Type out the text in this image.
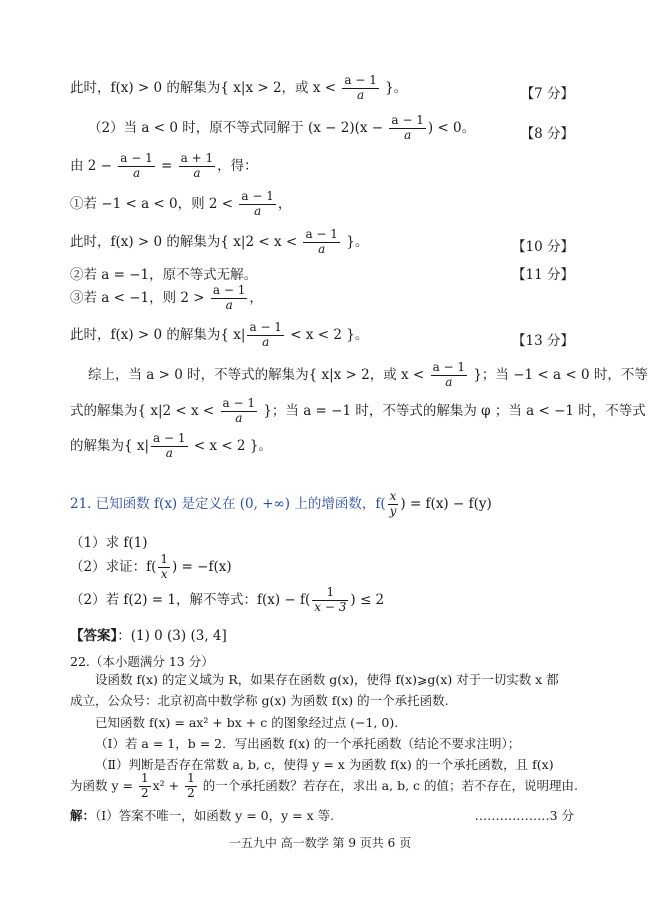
此时，f(x) > 0 的解集为{ x|x > 2，或 $x < \frac{a - 1}{a}$ }。	【7 分】
（2）当 a < 0 时，原不等式同解于 $(x - 2)(x - \frac{a - 1}{a}$ ) < 0。	【8 分】
由 $2 - \frac{a - 1}{a} = \frac{a + 1}{a}$ ，得：
①若 −1 < a < 0，则 $2 < \frac{a - 1}{a}$ ，
此时，f(x) > 0 的解集为{ $x|2 < x < \frac{a - 1}{a}$ }。	【10 分】
②若 a = −1，原不等式无解。	【11 分】
③若 a < −1，则 $2 > \frac{a - 1}{a}$ ，
此时，f(x) > 0 的解集为{ $x| \frac{a - 1}{a} < x < 2$ }。	【13 分】
综上，当 a > 0 时，不等式的解集为{ x|x > 2，或 $x < \frac{a - 1}{a}$ }；当 −1 < a < 0 时，不等
式的解集为{ $x|2 < x < \frac{a - 1}{a}$ }；当 a = −1 时，不等式的解集为 φ ；当 a < −1 时，不等式
的解集为{ $x| \frac{a - 1}{a} < x < 2$ }。
21. 已知函数 f(x) 是定义在 (0, +∞) 上的增函数，$f( \frac{x}{y}$ ) = f(x) − f(y)
（1）求 f(1)
（2）求证：$f( \frac{1}{x}$ ) = −f(x)
（2）若 f(2) = 1，解不等式：$f(x) - f( \frac{1}{x - 3}$ ) ≤ 2
【答案】：(1) 0 (3) (3, 4]
22.（本小题满分 13 分）
设函数 f(x) 的定义域为 R，如果存在函数 g(x)，使得 f(x)⩾g(x) 对于一切实数 x 都
成立，公众号：北京初高中数学称 g(x) 为函数 f(x) 的一个承托函数.
已知函数 f(x) = ax² + bx + c 的图象经过点 (−1, 0).
（Ⅰ）若 a = 1，b = 2．写出函数 f(x) 的一个承托函数（结论不要求注明）；
（Ⅱ）判断是否存在常数 a, b, c，使得 y = x 为函数 f(x) 的一个承托函数，且 f(x)
为函数 $y = \frac{1}{2} x^2 + \frac{1}{2}$ 的一个承托函数？若存在，求出 a, b, c 的值；若不存在，说明理由.
解：（Ⅰ）答案不唯一，如函数 y = 0，y = x 等.	………………3 分
一五九中 高一数学 第 9 页共 6 页
